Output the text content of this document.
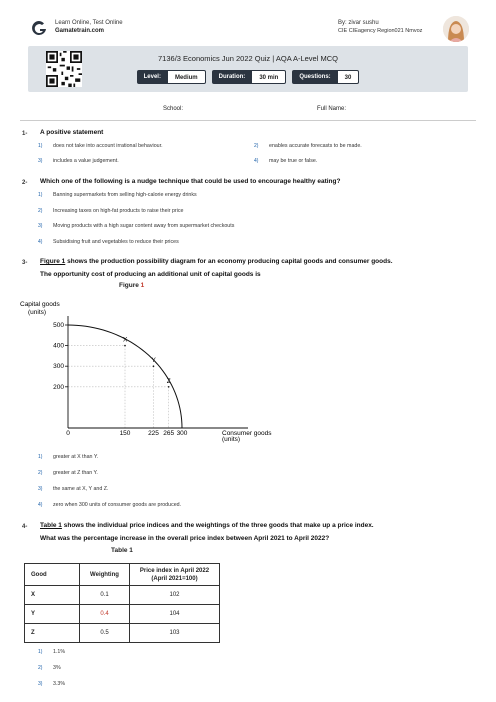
Learn Online, Test Online
Gamatetrain.com
By: zivar sushu
CIE CIEagency Region021 Nmvoz
7136/3 Economics Jun 2022 Quiz | AQA A-Level MCQ
Level:	Medium	Duration:	30 min	Questions:	30
School:	Full Name:
1- A positive statement
1) does not take into account irrational behaviour.	2) enables accurate forecasts to be made.
3) includes a value judgement.	4) may be true or false.
2- Which one of the following is a nudge technique that could be used to encourage healthy eating?
1) Banning supermarkets from selling high-calorie energy drinks
2) Increasing taxes on high-fat products to raise their price
3) Moving products with a high sugar content away from supermarket checkouts
4) Subsidising fruit and vegetables to reduce their prices
3- Figure 1 shows the production possibility diagram for an economy producing capital goods and consumer goods.
The opportunity cost of producing an additional unit of capital goods is
Figure 1
Capital goods
(units)
500
400
300
200
0	150	225 265 300
X
Y
Z
Consumer goods
(units)
1) greater at X than Y.
2) greater at Z than Y.
3) the same at X, Y and Z.
4) zero when 300 units of consumer goods are produced.
4- Table 1 shows the individual price indices and the weightings of the three goods that make up a price index.
What was the percentage increase in the overall price index between April 2021 to April 2022?
Table 1
Good	Weighting	Price index in April 2022
(April 2021=100)

X	0.1	102
Y	0.4	104
Z	0.5	103
1) 1.1%
2) 3%
3) 3.3%
